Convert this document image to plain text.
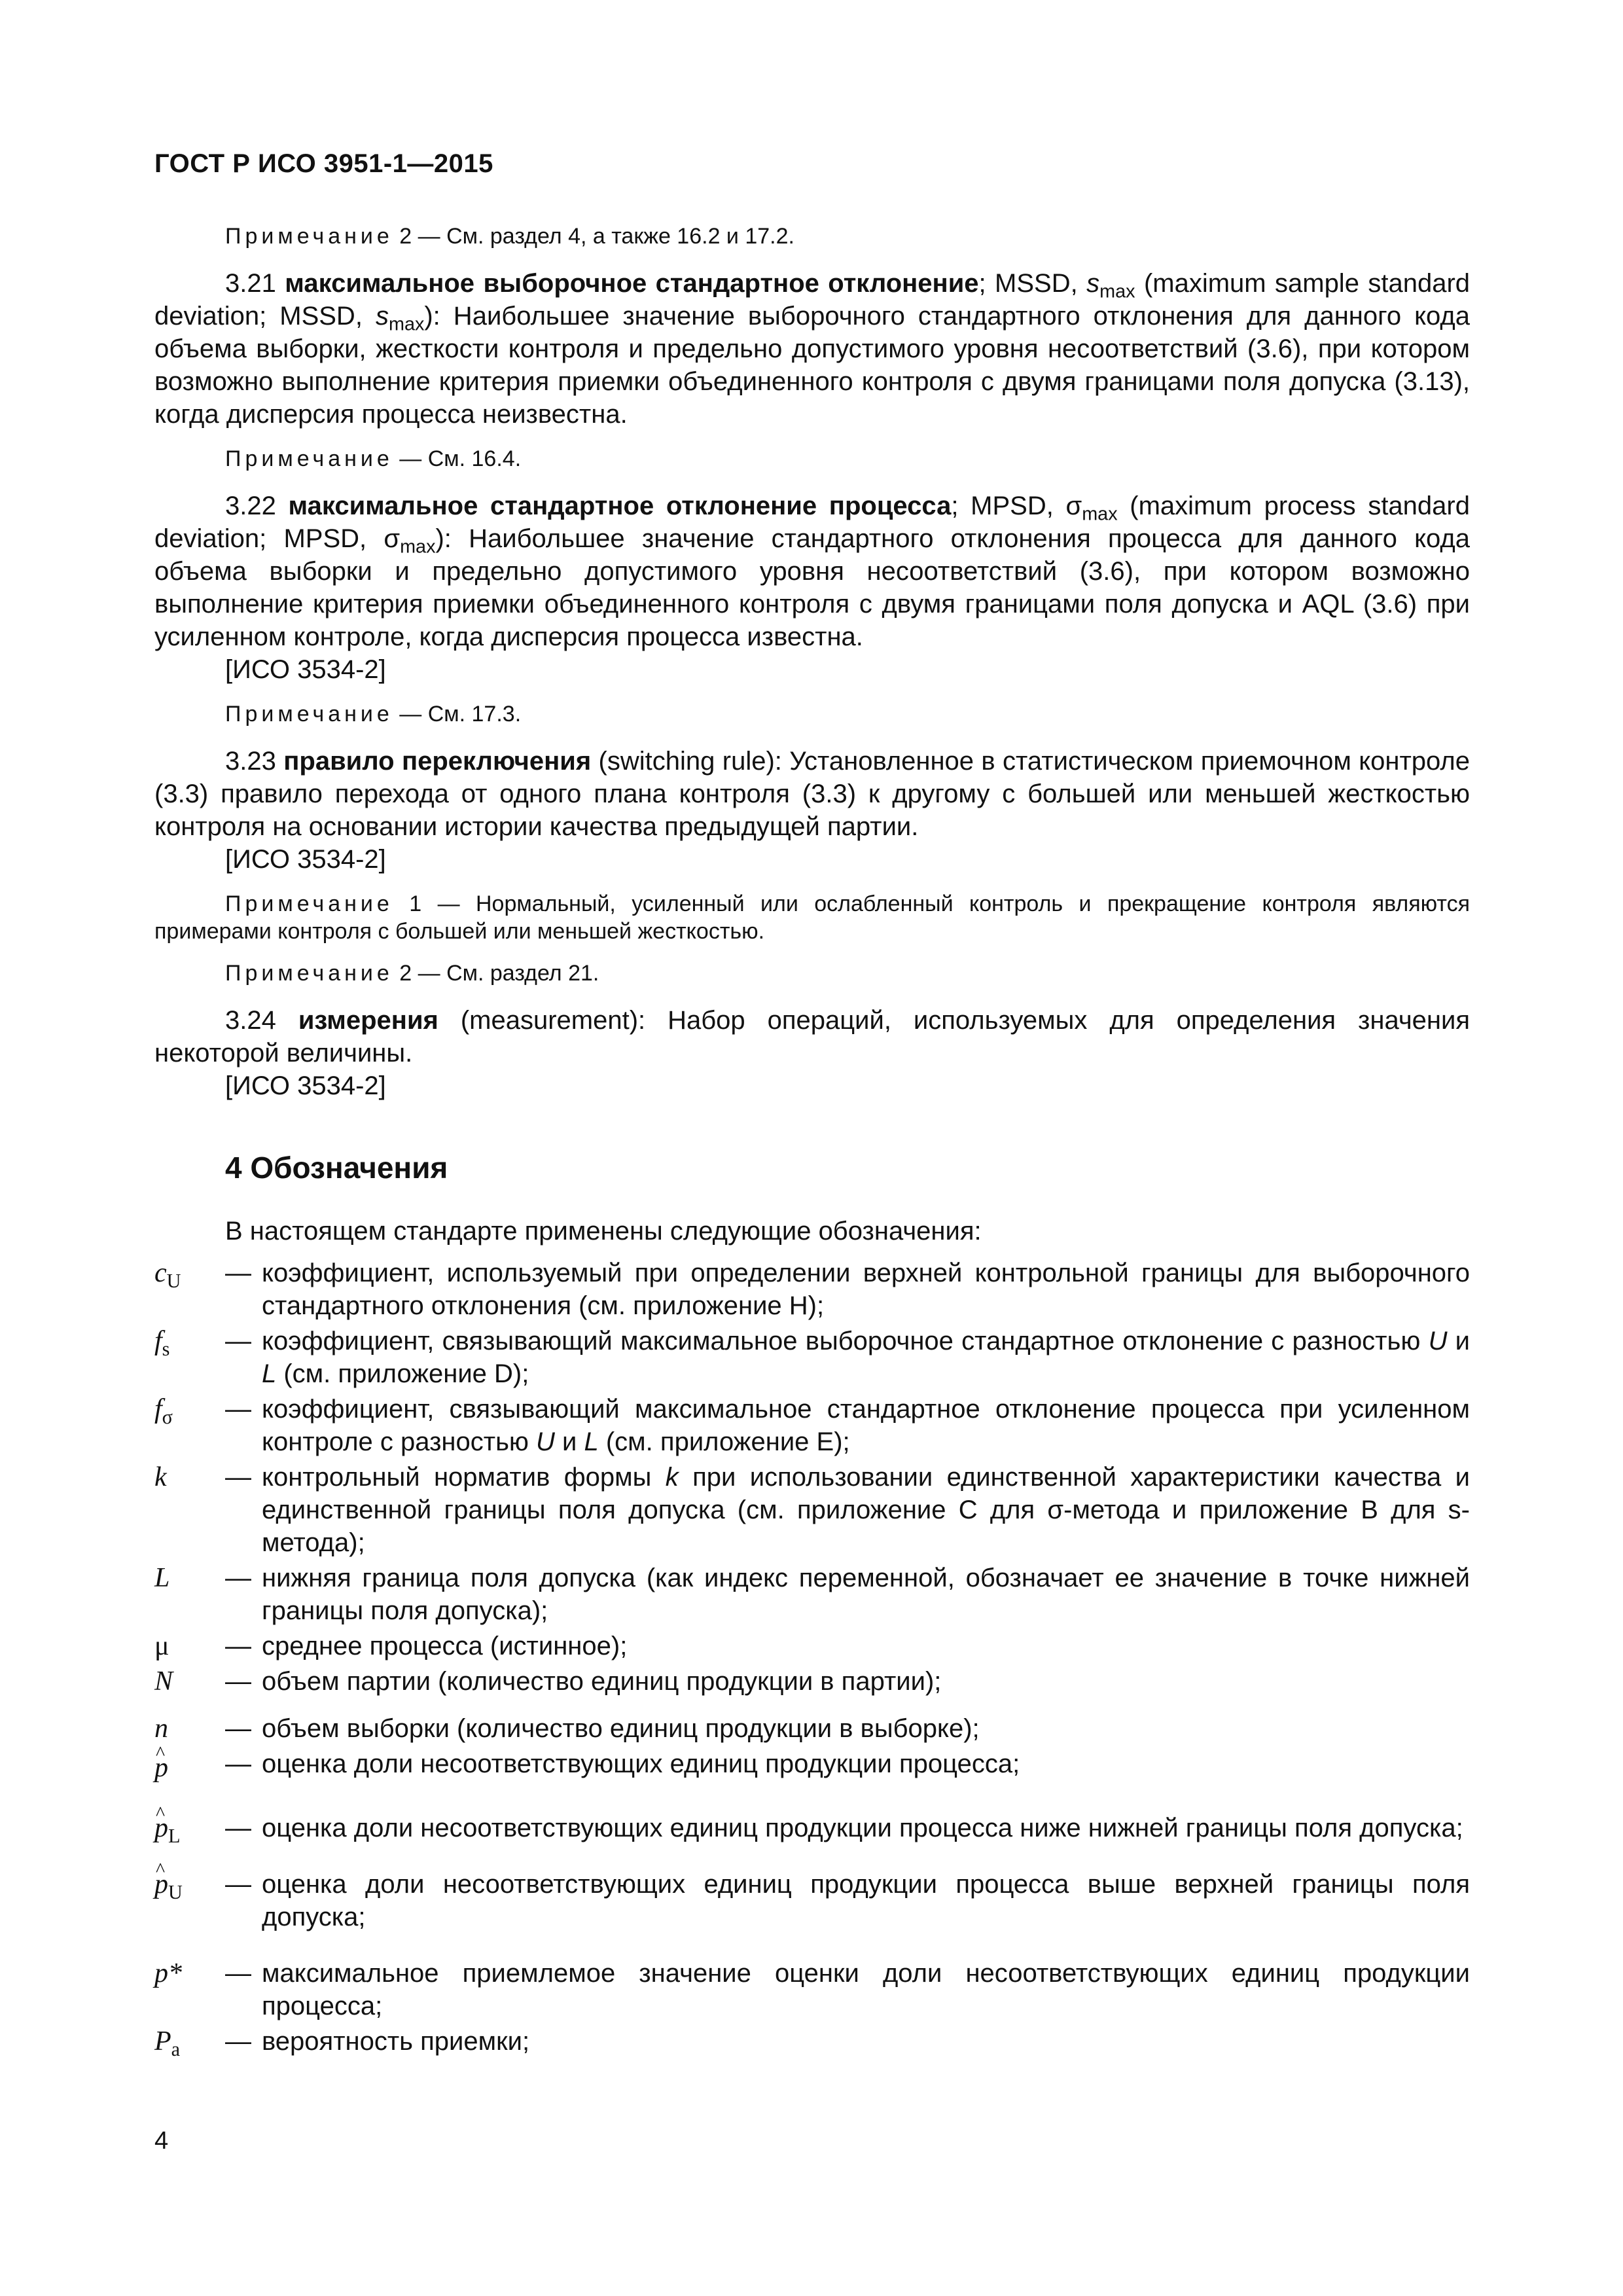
ГОСТ Р ИСО 3951-1—2015
Примечание 2 — См. раздел 4, а также 16.2 и 17.2.

3.21 максимальное выборочное стандартное отклонение; MSSD, $s_{max}$ (maximum sample standard deviation; MSSD, $s_{max}$): Наибольшее значение выборочного стандартного отклонения для данного кода объема выборки, жесткости контроля и предельно допустимого уровня несоответствий (3.6), при котором возможно выполнение критерия приемки объединенного контроля с двумя границами поля допуска (3.13), когда дисперсия процесса неизвестна.

Примечание — См. 16.4.

3.22 максимальное стандартное отклонение процесса; MPSD, $\sigma_{max}$ (maximum process standard deviation; MPSD, $\sigma_{max}$): Наибольшее значение стандартного отклонения процесса для данного кода объема выборки и предельно допустимого уровня несоответствий (3.6), при котором возможно выполнение критерия приемки объединенного контроля с двумя границами поля допуска и AQL (3.6) при усиленном контроле, когда дисперсия процесса известна.

[ИСО 3534-2]

Примечание — См. 17.3.

3.23 правило переключения (switching rule): Установленное в статистическом приемочном контроле (3.3) правило перехода от одного плана контроля (3.3) к другому с большей или меньшей жесткостью контроля на основании истории качества предыдущей партии.

[ИСО 3534-2]

Примечание 1 — Нормальный, усиленный или ослабленный контроль и прекращение контроля являются примерами контроля с большей или меньшей жесткостью.
Примечание 2 — См. раздел 21.

3.24 измерения (measurement): Набор операций, используемых для определения значения некоторой величины.

[ИСО 3534-2]

4 Обозначения
В настоящем стандарте применены следующие обозначения:
$c_U$	— коэффициент, используемый при определении верхней контрольной границы для выборочного стандартного отклонения (см. приложение H);
$f_s$	— коэффициент, связывающий максимальное выборочное стандартное отклонение с разностью U и L (см. приложение D);
$f_\sigma$	— коэффициент, связывающий максимальное стандартное отклонение процесса при усиленном контроле с разностью U и L (см. приложение E);
k	— контрольный норматив формы k при использовании единственной характеристики качества и единственной границы поля допуска (см. приложение C для σ-метода и приложение B для s-метода);
L	— нижняя граница поля допуска (как индекс переменной, обозначает ее значение в точке нижней границы поля допуска);
μ	— среднее процесса (истинное);
N	— объем партии (количество единиц продукции в партии);
n	— объем выборки (количество единиц продукции в выборке);
^ p	— оценка доли несоответствующих единиц продукции процесса;
^ $p_L$	— оценка доли несоответствующих единиц продукции процесса ниже нижней границы поля допуска;
^ $p_U$	— оценка доли несоответствующих единиц продукции процесса выше верхней границы поля допуска;
p*	— максимальное приемлемое значение оценки доли несоответствующих единиц продукции процесса;
$P_a$	— вероятность приемки;
4
